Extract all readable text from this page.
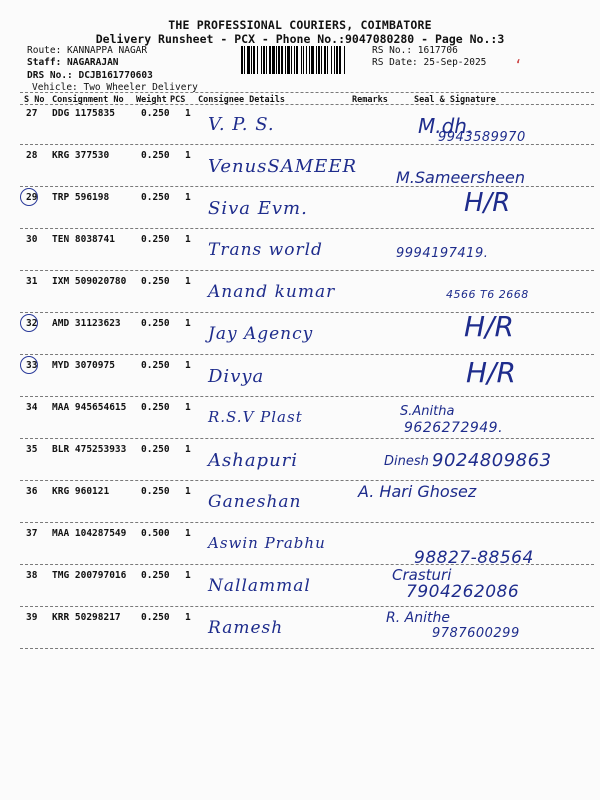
THE PROFESSIONAL COURIERS, COIMBATORE
Delivery Runsheet - PCX - Phone No.:9047080280 - Page No.:3
Route: KANNAPPA NAGAR
Staff: NAGARAJAN
DRS No.: DCJB161770603
Vehicle: Two Wheeler Delivery
RS No.: 1617706
RS Date: 25-Sep-2025 ‘
S No Consignment No Weight PCS Consignee Details	Remarks	Seal & Signature
27 DDG 1175835	0.250 1
V. P. S.	M.dh.
9943589970
28 KRG 377530	0.250 1
VenusSAMEER
M.Sameersheen
29 TRP 596198	0.250 1
Siva Evm.	H/R
30 TEN 8038741	0.250 1
Trans world	9994197419.
31 IXM 509020780 0.250 1
Anand kumar	4566 T6 2668
32 AMD 31123623 0.250 1
Jay Agency	H/R
33 MYD 3070975	0.250 1
Divya	H/R
34 MAA 945654615 0.250 1
R.S.V Plast	S.Anitha
9626272949.
35 BLR 475253933 0.250 1
Ashapuri	Dinesh 9024809863
36 KRG 960121	0.250 1
Ganeshan
A. Hari Ghosez
37 MAA 104287549 0.500 1
Aswin Prabhu
98827-88564
38 TMG 200797016 0.250 1
Nallammal
Crasturi
7904262086
39 KRR 50298217 0.250 1
Ramesh	R. Anithe
9787600299
